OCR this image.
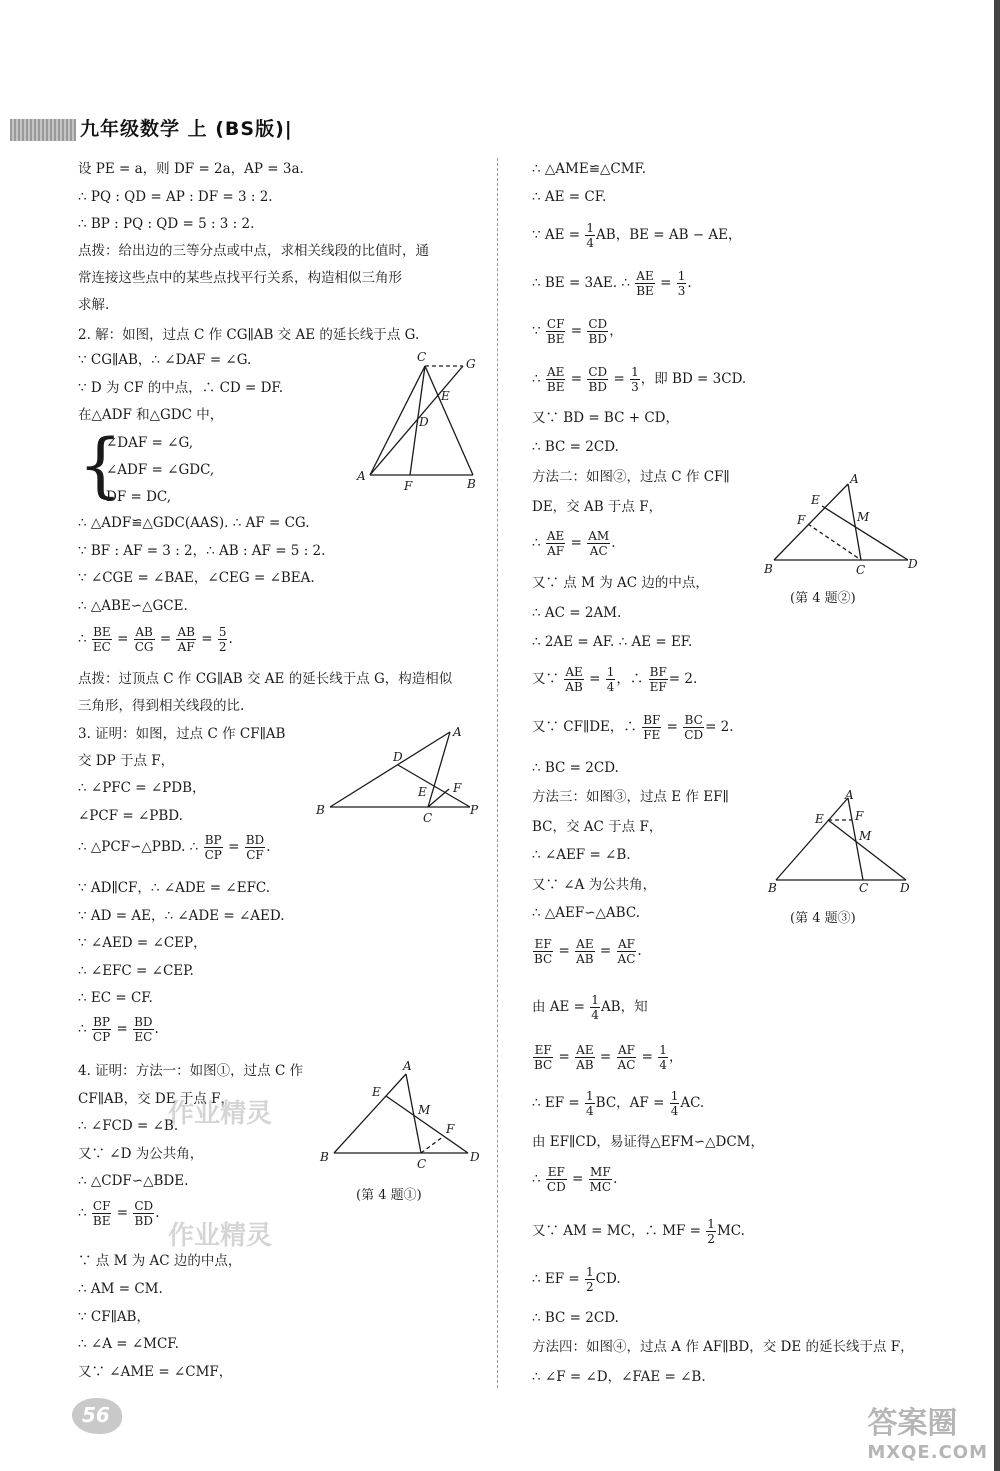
九年级数学 上 (BS版)|
设 PE = a，则 DF = 2a，AP = 3a.
∴ PQ : QD = AP : DF = 3 : 2.
∴ BP : PQ : QD = 5 : 3 : 2.
点拨：给出边的三等分点或中点，求相关线段的比值时，通
常连接这些点中的某些点找平行关系，构造相似三角形
求解.
2. 解：如图，过点 C 作 CG∥AB 交 AE 的延长线于点 G.
∵ CG∥AB，∴ ∠DAF = ∠G.
∵ D 为 CF 的中点，∴ CD = DF.
在△ADF 和△GDC 中，
{
∠DAF = ∠G,
∠ADF = ∠GDC,
DF = DC,
∴ △ADF≌△GDC(AAS). ∴ AF = CG.
∵ BF : AF = 3 : 2，∴ AB : AF = 5 : 2.
∵ ∠CGE = ∠BAE，∠CEG = ∠BEA.
∴ △ABE∽△GCE.
∴ $\frac{BE}{EC} = \frac{AB}{CG} = \frac{AB}{AF} = \frac{5}{2}$ .
点拨：过顶点 C 作 CG∥AB 交 AE 的延长线于点 G，构造相似
三角形，得到相关线段的比.
3. 证明：如图，过点 C 作 CF∥AB
交 DP 于点 F，
∴ ∠PFC = ∠PDB，
∠PCF = ∠PBD.
∴ △PCF∽△PBD. ∴ $\frac{BP}{CP} = \frac{BD}{CF}$ .
∵ AD∥CF，∴ ∠ADE = ∠EFC.
∵ AD = AE，∴ ∠ADE = ∠AED.
∵ ∠AED = ∠CEP，
∴ ∠EFC = ∠CEP.
∴ EC = CF.
∴ $\frac{BP}{CP} = \frac{BD}{EC}$ .
4. 证明：方法一：如图①，过点 C 作
CF∥AB，交 DE 于点 F，
∴ ∠FCD = ∠B.
又∵ ∠D 为公共角，
∴ △CDF∽△BDE.
∴ $\frac{CF}{BE} = \frac{CD}{BD}$ .
∵ 点 M 为 AC 边的中点，
∴ AM = CM.
∵ CF∥AB，
∴ ∠A = ∠MCF.
又∵ ∠AME = ∠CMF，
C	G
E
D
A
F	B
A
D
E F
B
C
P
A
E
M
F
B	C	D
(第 4 题①)
∴ △AME≌△CMF.
∴ AE = CF.
∵ AE = $\frac{1}{4}$ AB，BE = AB − AE，
∴ BE = 3AE. ∴ $\frac{AE}{BE} = \frac{1}{3}$ .
∵ $\frac{CF}{BE} = \frac{CD}{BD}$ ，
∴ $\frac{AE}{BE} = \frac{CD}{BD} = \frac{1}{3}$ ，即 BD = 3CD.
又∵ BD = BC + CD，
∴ BC = 2CD.
方法二：如图②，过点 C 作 CF∥
DE，交 AB 于点 F，
∴ $\frac{AE}{AF} = \frac{AM}{AC}$ .
又∵ 点 M 为 AC 边的中点，
∴ AC = 2AM.
∴ 2AE = AF. ∴ AE = EF.
又∵ $\frac{AE}{AB} = \frac{1}{4}$ ，∴ $\frac{BF}{EF} = 2$.
又∵ CF∥DE，∴ $\frac{BF}{FE} = \frac{BC}{CD} = 2$.
∴ BC = 2CD.
方法三：如图③，过点 E 作 EF∥
BC，交 AC 于点 F，
∴ ∠AEF = ∠B.
又∵ ∠A 为公共角，
∴ △AEF∽△ABC.
$\frac{EF}{BC} = \frac{AE}{AB} = \frac{AF}{AC}$ .
由 AE = $\frac{1}{4}$ AB，知
$\frac{EF}{BC} = \frac{AE}{AB} = \frac{AF}{AC} = \frac{1}{4}$ ，
∴ EF = $\frac{1}{4}$ BC，AF = $\frac{1}{4}$ AC.
由 EF∥CD，易证得△EFM∽△DCM，
∴ $\frac{EF}{CD} = \frac{MF}{MC}$ .
又∵ AM = MC，∴ MF = $\frac{1}{2}$ MC.
∴ EF = $\frac{1}{2}$ CD.
∴ BC = 2CD.
方法四：如图④，过点 A 作 AF∥BD，交 DE 的延长线于点 F，
∴ ∠F = ∠D，∠FAE = ∠B.
A
E
F	M
B	C	D
(第 4 题②)
A
E	F
M
B	C	D
(第 4 题③)
作业精灵
作业精灵
56	答案圈
MXQE.COM
